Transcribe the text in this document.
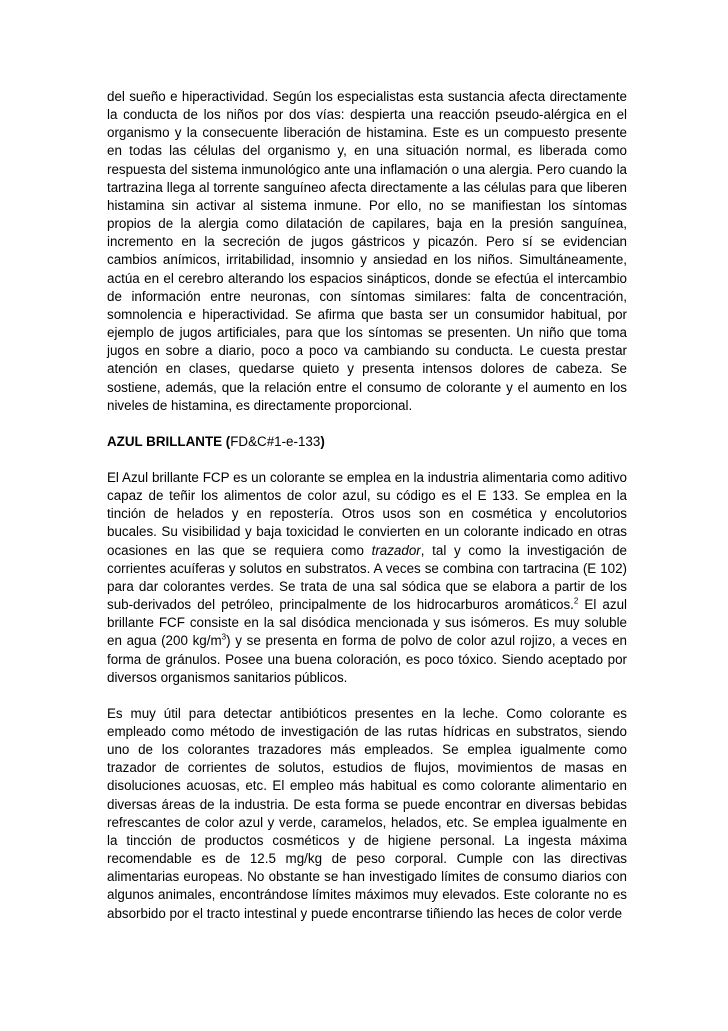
del sueño e hiperactividad. Según los especialistas esta sustancia afecta directamente la conducta de los niños por dos vías: despierta una reacción pseudo-alérgica en el organismo y la consecuente liberación de histamina. Este es un compuesto presente en todas las células del organismo y, en una situación normal, es liberada como respuesta del sistema inmunológico ante una inflamación o una alergia. Pero cuando la tartrazina llega al torrente sanguíneo afecta directamente a las células para que liberen histamina sin activar al sistema inmune. Por ello, no se manifiestan los síntomas propios de la alergia como dilatación de capilares, baja en la presión sanguínea, incremento en la secreción de jugos gástricos y picazón. Pero sí se evidencian cambios anímicos, irritabilidad, insomnio y ansiedad en los niños. Simultáneamente, actúa en el cerebro alterando los espacios sinápticos, donde se efectúa el intercambio de información entre neuronas, con síntomas similares: falta de concentración, somnolencia e hiperactividad. Se afirma que basta ser un consumidor habitual, por ejemplo de jugos artificiales, para que los síntomas se presenten. Un niño que toma jugos en sobre a diario, poco a poco va cambiando su conducta. Le cuesta prestar atención en clases, quedarse quieto y presenta intensos dolores de cabeza. Se sostiene, además, que la relación entre el consumo de colorante y el aumento en los niveles de histamina, es directamente proporcional.

AZUL BRILLANTE (FD&C#1-e-133)

El Azul brillante FCP es un colorante se emplea en la industria alimentaria como aditivo capaz de teñir los alimentos de color azul, su código es el E 133. Se emplea en la tinción de helados y en repostería. Otros usos son en cosmética y encolutorios bucales. Su visibilidad y baja toxicidad le convierten en un colorante indicado en otras ocasiones en las que se requiera como trazador, tal y como la investigación de corrientes acuíferas y solutos en substratos. A veces se combina con tartracina (E 102) para dar colorantes verdes. Se trata de una sal sódica que se elabora a partir de los sub-derivados del petróleo, principalmente de los hidrocarburos aromáticos.$^2$ El azul brillante FCF consiste en la sal disódica mencionada y sus isómeros. Es muy soluble en agua (200 $kg/m^3$) y se presenta en forma de polvo de color azul rojizo, a veces en forma de gránulos. Posee una buena coloración, es poco tóxico. Siendo aceptado por diversos organismos sanitarios públicos.

Es muy útil para detectar antibióticos presentes en la leche. Como colorante es empleado como método de investigación de las rutas hídricas en substratos, siendo uno de los colorantes trazadores más empleados. Se emplea igualmente como trazador de corrientes de solutos, estudios de flujos, movimientos de masas en disoluciones acuosas, etc. El empleo más habitual es como colorante alimentario en diversas áreas de la industria. De esta forma se puede encontrar en diversas bebidas refrescantes de color azul y verde, caramelos, helados, etc. Se emplea igualmente en la tincción de productos cosméticos y de higiene personal. La ingesta máxima recomendable es de 12.5 mg/kg de peso corporal. Cumple con las directivas alimentarias europeas. No obstante se han investigado límites de consumo diarios con algunos animales, encontrándose límites máximos muy elevados. Este colorante no es absorbido por el tracto intestinal y puede encontrarse tiñiendo las heces de color verde
